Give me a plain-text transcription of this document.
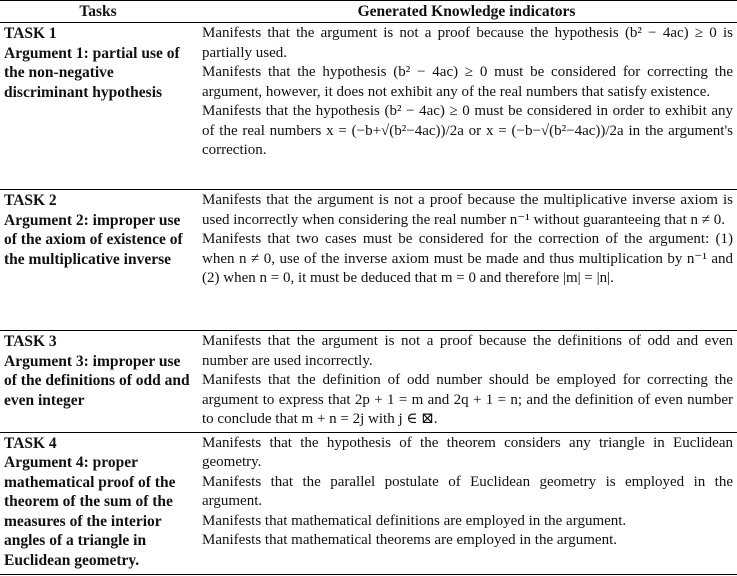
Tasks	Generated Knowledge indicators

TASK 1
Argument 1: partial use of the non-negative discriminant hypothesis	Manifests that the argument is not a proof because the hypothesis (b² − 4ac) ≥ 0 is partially used.
Manifests that the hypothesis (b² − 4ac) ≥ 0 must be considered for correcting the argument, however, it does not exhibit any of the real numbers that satisfy existence.
Manifests that the hypothesis (b² − 4ac) ≥ 0 must be considered in order to exhibit any of the real numbers x = (−b+√(b²−4ac))/2a or x = (−b−√(b²−4ac))/2a in the argument's correction.

TASK 2
Argument 2: improper use of the axiom of existence of the multiplicative inverse	Manifests that the argument is not a proof because the multiplicative inverse axiom is used incorrectly when considering the real number n⁻¹ without guaranteeing that n ≠ 0.
Manifests that two cases must be considered for the correction of the argument: (1) when n ≠ 0, use of the inverse axiom must be made and thus multiplication by n⁻¹ and (2) when n = 0, it must be deduced that m = 0 and therefore |m| = |n|.

TASK 3
Argument 3: improper use of the definitions of odd and even integer	Manifests that the argument is not a proof because the definitions of odd and even number are used incorrectly.
Manifests that the definition of odd number should be employed for correcting the argument to express that 2p + 1 = m and 2q + 1 = n; and the definition of even number to conclude that m + n = 2j with j ∈ ⊠.

TASK 4
Argument 4: proper mathematical proof of the theorem of the sum of the measures of the interior angles of a triangle in Euclidean geometry.	Manifests that the hypothesis of the theorem considers any triangle in Euclidean geometry.
Manifests that the parallel postulate of Euclidean geometry is employed in the argument.
Manifests that mathematical definitions are employed in the argument.
Manifests that mathematical theorems are employed in the argument.
